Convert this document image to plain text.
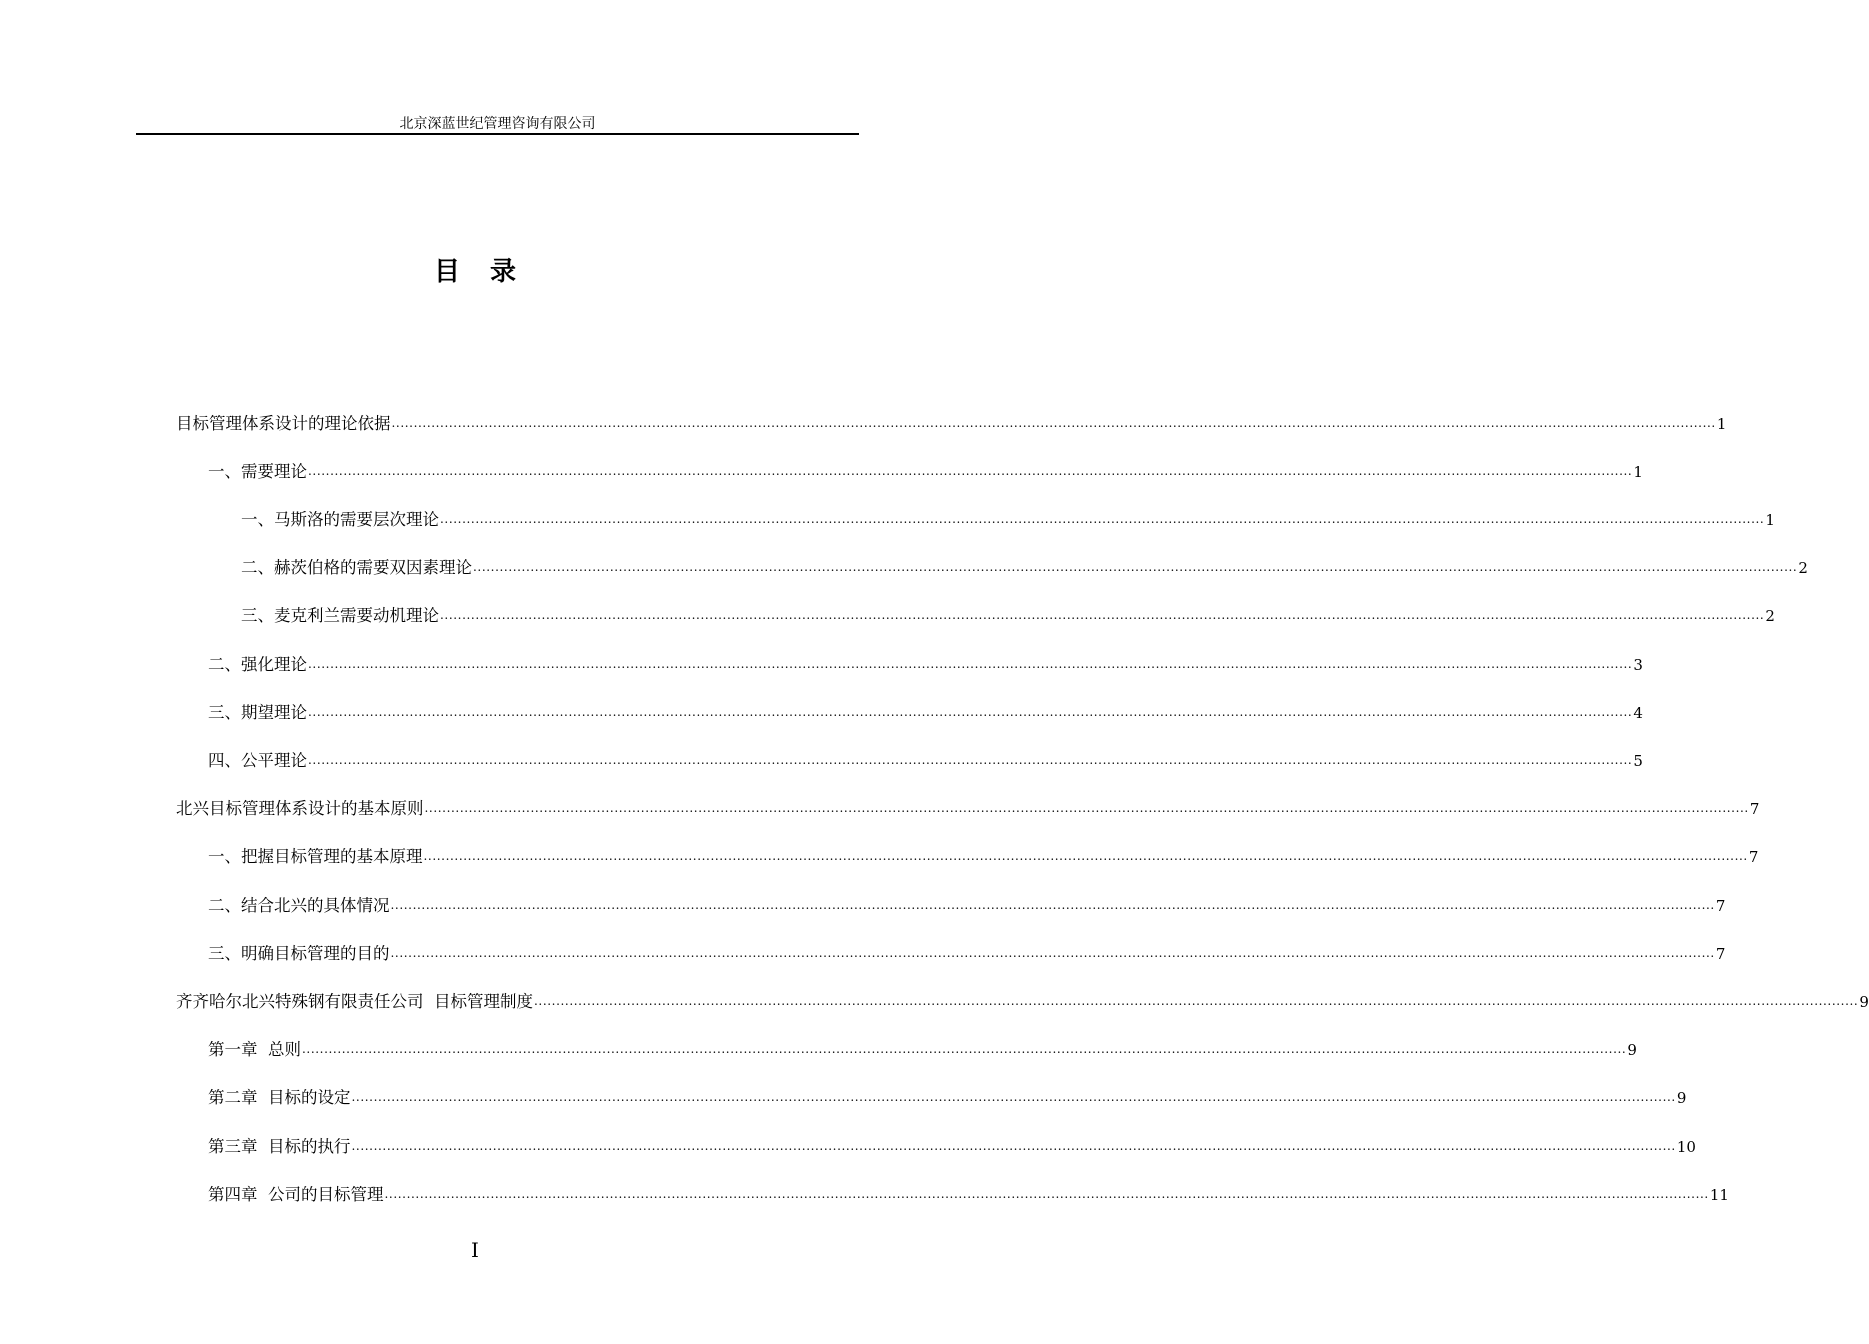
北京深蓝世纪管理咨询有限公司
目录
目标管理体系设计的理论依据 ............................................................................................................................................................................................................................................................................................................ 1
一、需要理论 ............................................................................................................................................................................................................................................................................................................ 1
一、马斯洛的需要层次理论 ............................................................................................................................................................................................................................................................................................................ 1
二、赫茨伯格的需要双因素理论 ............................................................................................................................................................................................................................................................................................................ 2
三、麦克利兰需要动机理论 ............................................................................................................................................................................................................................................................................................................ 2
二、强化理论 ............................................................................................................................................................................................................................................................................................................ 3
三、期望理论 ............................................................................................................................................................................................................................................................................................................ 4
四、公平理论 ............................................................................................................................................................................................................................................................................................................ 5
北兴目标管理体系设计的基本原则 ............................................................................................................................................................................................................................................................................................................ 7
一、把握目标管理的基本原理 ............................................................................................................................................................................................................................................................................................................ 7
二、结合北兴的具体情况 ............................................................................................................................................................................................................................................................................................................ 7
三、明确目标管理的目的 ............................................................................................................................................................................................................................................................................................................ 7
齐齐哈尔北兴特殊钢有限责任公司  目标管理制度 ............................................................................................................................................................................................................................................................................................................ 9
第一章  总则 ............................................................................................................................................................................................................................................................................................................ 9
第二章  目标的设定 ............................................................................................................................................................................................................................................................................................................ 9
第三章  目标的执行 ............................................................................................................................................................................................................................................................................................................ 10
第四章  公司的目标管理 ............................................................................................................................................................................................................................................................................................................ 11
I
